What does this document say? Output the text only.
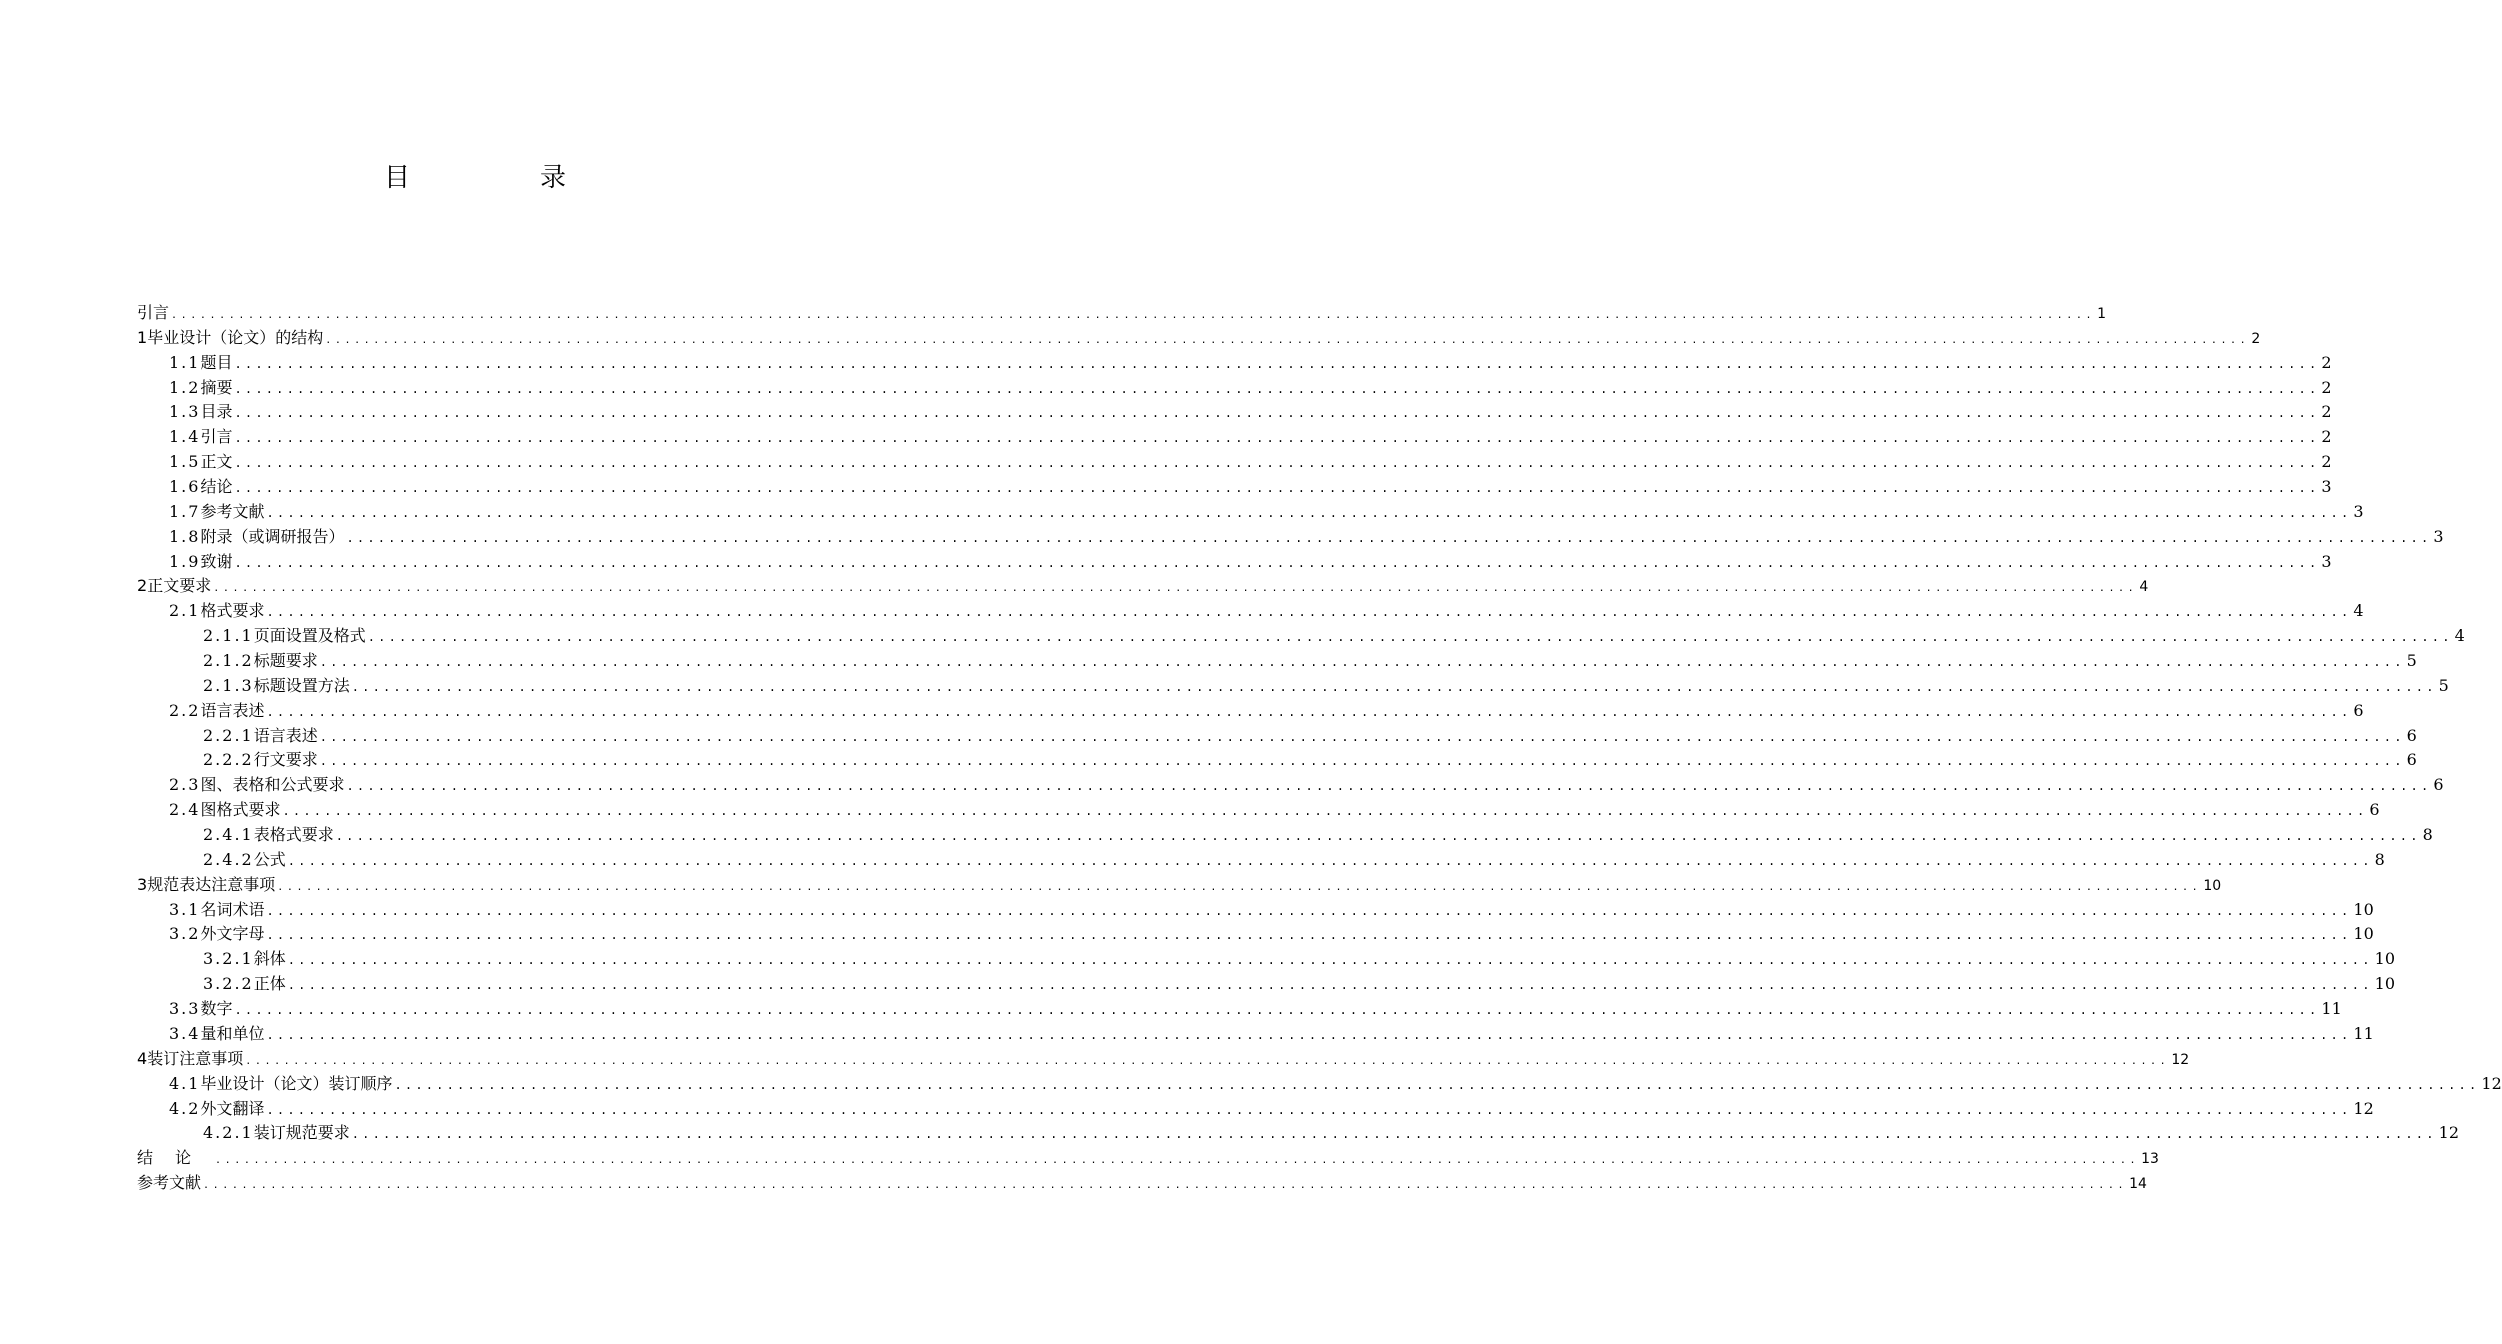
目　录
引言 ........................................................................................................................................................................................................ 1
1 毕业设计（论文）的结构 ........................................................................................................................................................................................................ 2
1.1 题目 ........................................................................................................................................................................................................ 2
1.2 摘要 ........................................................................................................................................................................................................ 2
1.3 目录 ........................................................................................................................................................................................................ 2
1.4 引言 ........................................................................................................................................................................................................ 2
1.5 正文 ........................................................................................................................................................................................................ 2
1.6 结论 ........................................................................................................................................................................................................ 3
1.7 参考文献 ........................................................................................................................................................................................................ 3
1.8 附录（或调研报告） ........................................................................................................................................................................................................ 3
1.9 致谢 ........................................................................................................................................................................................................ 3
2 正文要求 ........................................................................................................................................................................................................ 4
2.1 格式要求 ........................................................................................................................................................................................................ 4
2.1.1 页面设置及格式 ........................................................................................................................................................................................................ 4
2.1.2 标题要求 ........................................................................................................................................................................................................ 5
2.1.3 标题设置方法 ........................................................................................................................................................................................................ 5
2.2 语言表述 ........................................................................................................................................................................................................ 6
2.2.1 语言表述 ........................................................................................................................................................................................................ 6
2.2.2 行文要求 ........................................................................................................................................................................................................ 6
2.3 图、表格和公式要求 ........................................................................................................................................................................................................ 6
2.4 图格式要求 ........................................................................................................................................................................................................ 6
2.4.1 表格式要求 ........................................................................................................................................................................................................ 8
2.4.2 公式 ........................................................................................................................................................................................................ 8
3 规范表达注意事项 ........................................................................................................................................................................................................ 10
3.1 名词术语 ........................................................................................................................................................................................................ 10
3.2 外文字母 ........................................................................................................................................................................................................ 10
3.2.1 斜体 ........................................................................................................................................................................................................ 10
3.2.2 正体 ........................................................................................................................................................................................................ 10
3.3 数字 ........................................................................................................................................................................................................ 11
3.4 量和单位 ........................................................................................................................................................................................................ 11
4 装订注意事项 ........................................................................................................................................................................................................ 12
4.1 毕业设计（论文）装订顺序 ........................................................................................................................................................................................................ 12
4.2 外文翻译 ........................................................................................................................................................................................................ 12
4.2.1 装订规范要求 ........................................................................................................................................................................................................ 12
结论 ........................................................................................................................................................................................................ 13
参考文献 ........................................................................................................................................................................................................ 14
